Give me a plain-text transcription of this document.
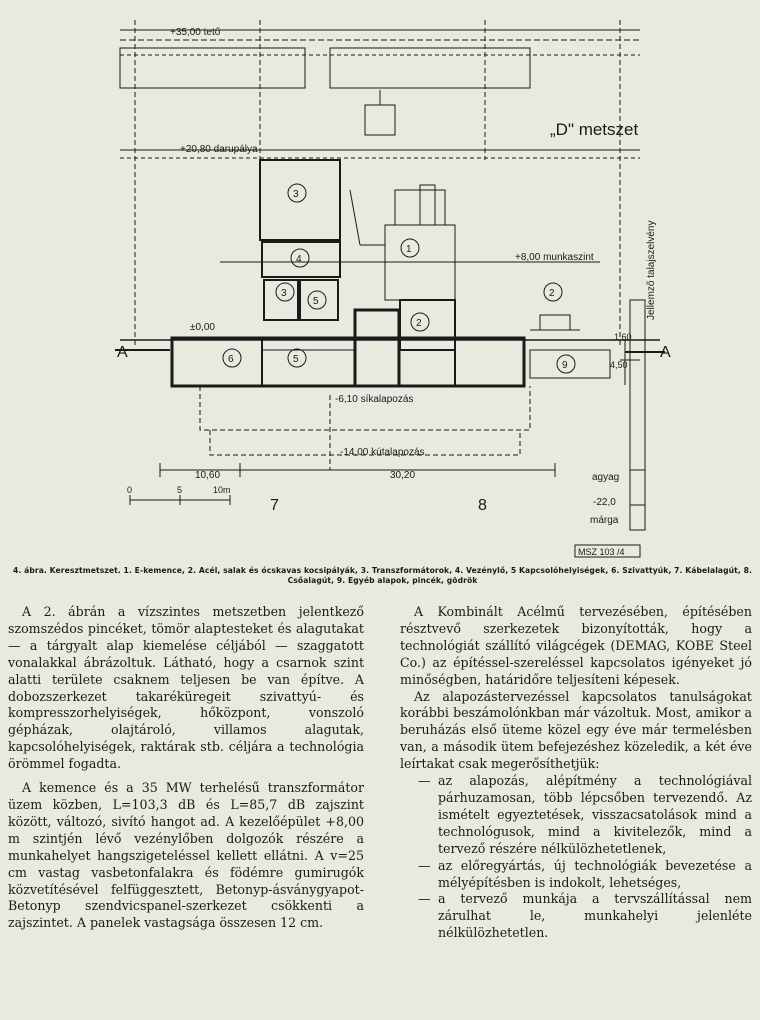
+35,00 tető
+20,80 darupálya
„D" metszet
+8,00 munkaszint
±0,00
-6,10 síkalapozás
-14,00 kútalapozás
Jellemző talajszelvény
agyag
-22,0
márga
1,60
4,50
10,60	30,20
A	A
0	5	10m
7	8
MSZ 103 /4
3
1
4
3
5
2
2
6	5
9
4. ábra. Keresztmetszet. 1. E-kemence, 2. Acél, salak és ócskavas kocsipályák, 3. Transzformátorok, 4. Vezénylő, 5 Kapcsolóhelyiségek, 6. Szivattyúk, 7. Kábelalagút, 8. Csőalagút, 9. Egyéb alapok, pincék, gödrök

A 2. ábrán a vízszintes metszetben jelentkező szomszédos pincéket, tömör alaptesteket és alagutakat — a tárgyalt alap kiemelése céljából — szaggatott vonalakkal ábrázoltuk. Látható, hogy a csarnok szint alatti területe csaknem teljesen be van építve. A dobozszerkezet takaréküregeit szivattyú- és kompresszorhelyiségek, hőközpont, vonszoló gépházak, olajtároló, villamos alagutak, kapcsolóhelyiségek, raktárak stb. céljára a technológia örömmel fogadta.

A kemence és a 35 MW terhelésű transzformátor üzem közben, L=103,3 dB és L=85,7 dB zajszint között, változó, sivító hangot ad. A kezelőépület +8,00 m szintjén lévő vezénylőben dolgozók részére a munkahelyet hangszigeteléssel kellett ellátni. A v=25 cm vastag vasbetonfalakra és födémre gumirugók közvetítésével felfüggesztett, Betonyp-ásványgyapot-Betonyp szendvicspanel-szerkezet csökkenti a zajszintet. A panelek vastagsága összesen 12 cm.

A Kombinált Acélmű tervezésében, építésében résztvevő szerkezetek bizonyították, hogy a technológiát szállító világcégek (DEMAG, KOBE Steel Co.) az építéssel-szereléssel kapcsolatos igényeket jó minőségben, határidőre teljesíteni képesek.

Az alapozástervezéssel kapcsolatos tanulságokat korábbi beszámolónkban már vázoltuk. Most, amikor a beruházás első üteme közel egy éve már termelésben van, a második ütem befejezéshez közeledik, a két éve leírtakat csak megerősíthetjük:

— az alapozás, alépítmény a technológiával párhuzamosan, több lépcsőben tervezendő. Az ismételt egyeztetések, visszacsatolások mind a technológusok, mind a kivitelezők, mind a tervező részére nélkülözhetetlenek,
— az előregyártás, új technológiák bevezetése a mélyépítésben is indokolt, lehetséges,
— a tervező munkája a tervszállítással nem zárulhat le, munkahelyi jelenléte nélkülözhetetlen.
